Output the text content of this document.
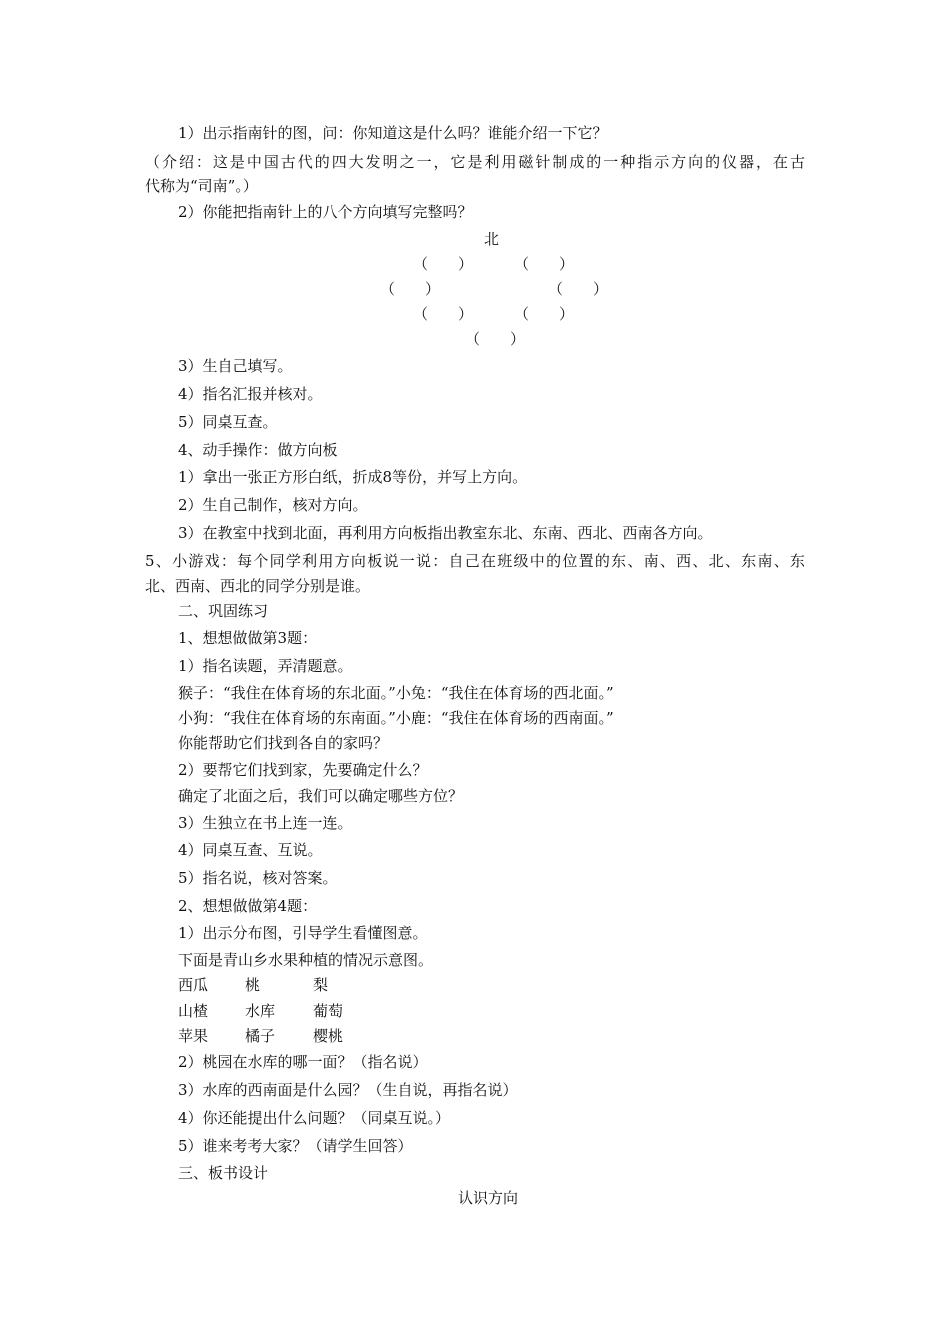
1）出示指南针的图，问：你知道这是什么吗？谁能介绍一下它？
（介绍：这是中国古代的四大发明之一，它是利用磁针制成的一种指示方向的仪器，在古
代称为“司南”。）
2）你能把指南针上的八个方向填写完整吗？
北
（　　）	（　　）
（　　）	（　　）
（　　）	（　　）
（　　）
3）生自己填写。
4）指名汇报并核对。
5）同桌互查。
4、动手操作：做方向板
1）拿出一张正方形白纸，折成8等份，并写上方向。
2）生自己制作，核对方向。
3）在教室中找到北面，再利用方向板指出教室东北、东南、西北、西南各方向。
5、小游戏：每个同学利用方向板说一说：自己在班级中的位置的东、南、西、北、东南、东
北、西南、西北的同学分别是谁。
二、巩固练习
1、想想做做第3题：
1）指名读题，弄清题意。
猴子：“我住在体育场的东北面。”小兔：“我住在体育场的西北面。”
小狗：“我住在体育场的东南面。”小鹿：“我住在体育场的西南面。”
你能帮助它们找到各自的家吗？
2）要帮它们找到家，先要确定什么？
确定了北面之后，我们可以确定哪些方位？
3）生独立在书上连一连。
4）同桌互查、互说。
5）指名说，核对答案。
2、想想做做第4题：
1）出示分布图，引导学生看懂图意。
下面是青山乡水果种植的情况示意图。
西瓜 桃	梨
山楂 水库	葡萄
苹果 橘子	樱桃
2）桃园在水库的哪一面？（指名说）
3）水库的西南面是什么园？（生自说，再指名说）
4）你还能提出什么问题？（同桌互说。）
5）谁来考考大家？（请学生回答）
三、板书设计
认识方向
